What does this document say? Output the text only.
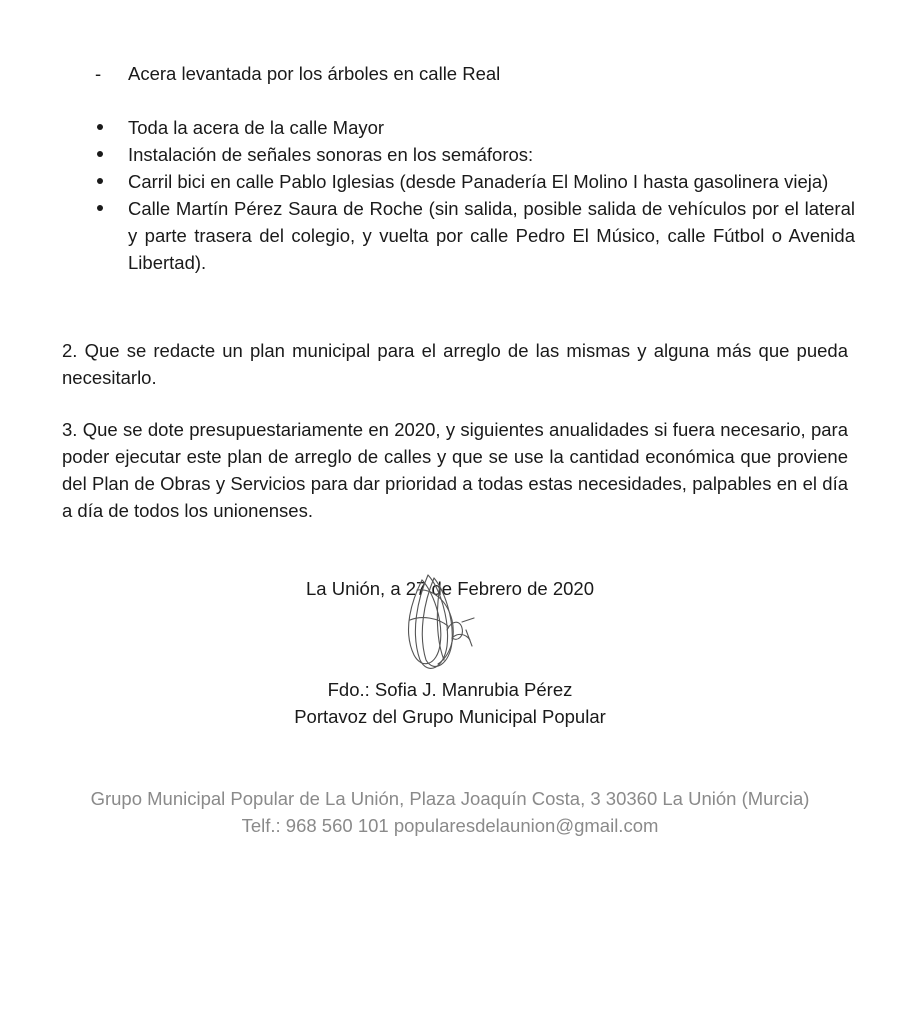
-	Acera levantada por los árboles en calle Real
Toda la acera de la calle Mayor
Instalación de señales sonoras en los semáforos:
Carril bici en calle Pablo Iglesias (desde Panadería El Molino I hasta gasolinera vieja)
Calle Martín Pérez Saura de Roche (sin salida, posible salida de vehículos por el lateral y parte trasera del colegio, y vuelta por calle Pedro El Músico, calle Fútbol o Avenida Libertad).

2. Que se redacte un plan municipal para el arreglo de las mismas y alguna más que pueda necesitarlo.

3. Que se dote presupuestariamente en 2020, y siguientes anualidades si fuera necesario, para poder ejecutar este plan de arreglo de calles y que se use la cantidad económica que proviene del Plan de Obras y Servicios para dar prioridad a todas estas necesidades, palpables en el día a día de todos los unionenses.

La Unión, a 27 de Febrero de 2020
Fdo.: Sofia J. Manrubia Pérez
Portavoz del Grupo Municipal Popular
Grupo Municipal Popular de La Unión, Plaza Joaquín Costa, 3 30360 La Unión (Murcia)
Telf.: 968 560 101 popularesdelaunion@gmail.com
